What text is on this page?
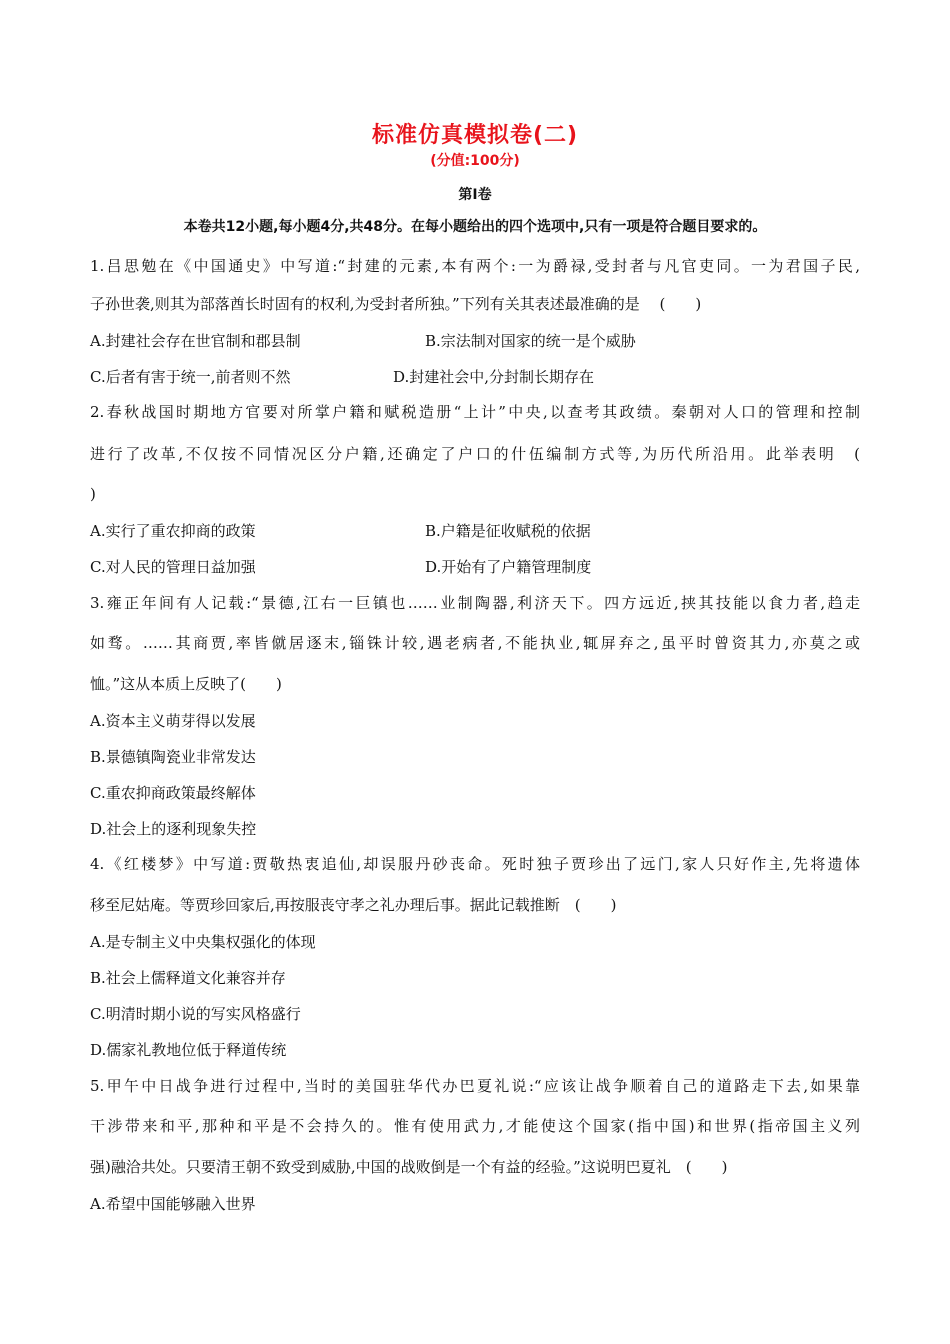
标准仿真模拟卷(二)
(分值:100分)
第Ⅰ卷
本卷共12小题,每小题4分,共48分。在每小题给出的四个选项中,只有一项是符合题目要求的。
1.吕思勉在《中国通史》中写道:“封建的元素,本有两个:一为爵禄,受封者与凡官吏同。一为君国子民,
子孙世袭,则其为部落酋长时固有的权利,为受封者所独。”下列有关其表述最准确的是 　(　　)
A.封建社会存在世官制和郡县制	B.宗法制对国家的统一是个威胁
C.后者有害于统一,前者则不然	D.封建社会中,分封制长期存在
2.春秋战国时期地方官要对所掌户籍和赋税造册“上计”中央,以查考其政绩。秦朝对人口的管理和控制
进行了改革,不仅按不同情况区分户籍,还确定了户口的什伍编制方式等,为历代所沿用。此举表明　(
)
A.实行了重农抑商的政策	B.户籍是征收赋税的依据
C.对人民的管理日益加强	D.开始有了户籍管理制度
3.雍正年间有人记载:“景德,江右一巨镇也……业制陶器,利济天下。四方远近,挟其技能以食力者,趋走
如骛。……其商贾,率皆僦居逐末,锱铢计较,遇老病者,不能执业,辄屏弃之,虽平时曾资其力,亦莫之或
恤。”这从本质上反映了(　　)
A.资本主义萌芽得以发展
B.景德镇陶瓷业非常发达
C.重农抑商政策最终解体
D.社会上的逐利现象失控
4.《红楼梦》中写道:贾敬热衷追仙,却误服丹砂丧命。死时独子贾珍出了远门,家人只好作主,先将遗体
移至尼姑庵。等贾珍回家后,再按服丧守孝之礼办理后事。据此记载推断　(　　)
A.是专制主义中央集权强化的体现
B.社会上儒释道文化兼容并存
C.明清时期小说的写实风格盛行
D.儒家礼教地位低于释道传统
5.甲午中日战争进行过程中,当时的美国驻华代办巴夏礼说:“应该让战争顺着自己的道路走下去,如果靠
干涉带来和平,那种和平是不会持久的。惟有使用武力,才能使这个国家(指中国)和世界(指帝国主义列
强)融洽共处。只要清王朝不致受到威胁,中国的战败倒是一个有益的经验。”这说明巴夏礼　(　　)
A.希望中国能够融入世界
